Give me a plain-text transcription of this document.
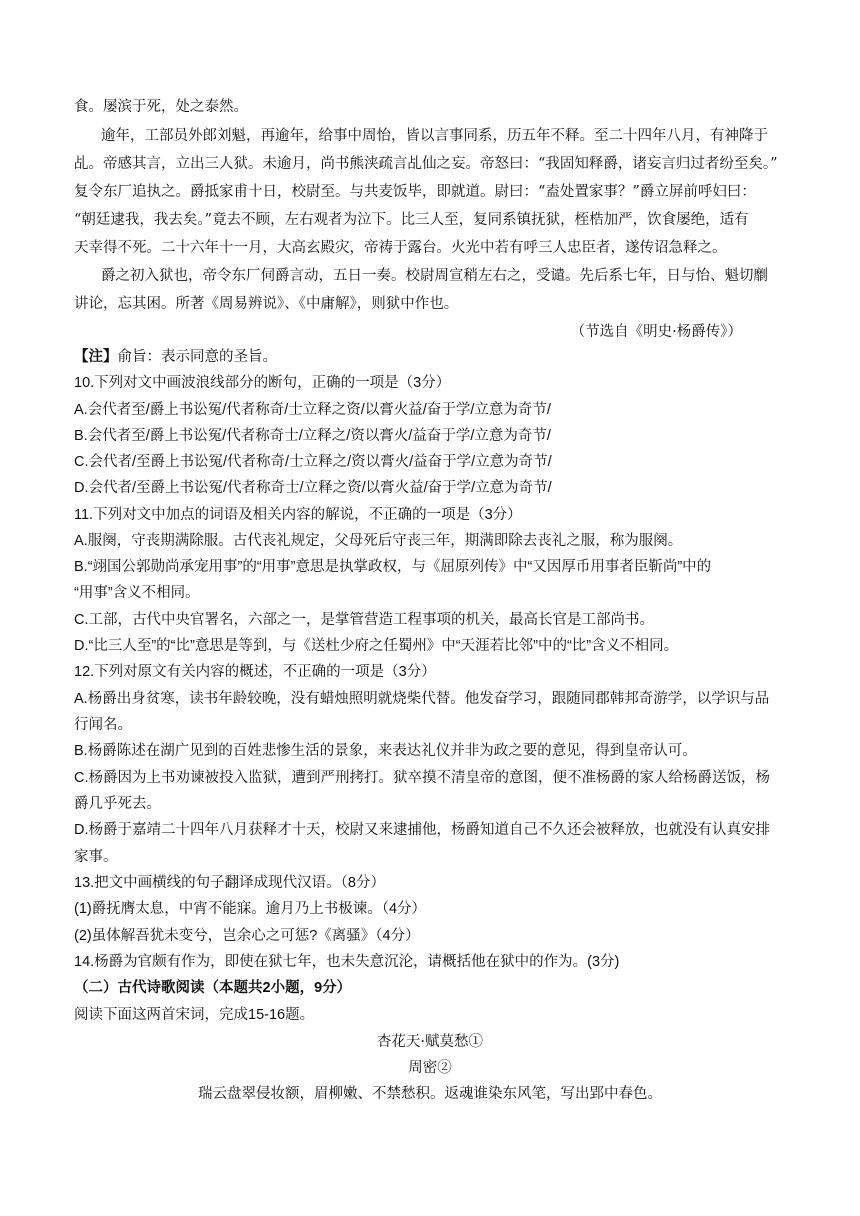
食。屡滨于死，处之泰然。
逾年，工部员外郎刘魁，再逾年，给事中周怡，皆以言事同系，历五年不释。至二十四年八月，有神降于
乩。帝感其言，立出三人狱。未逾月，尚书熊浃疏言乩仙之妄。帝怒曰：“我固知释爵，诸妄言归过者纷至矣。”
复令东厂追执之。爵抵家甫十日，校尉至。与共麦饭毕，即就道。尉曰：“盍处置家事？”爵立屏前呼妇曰：
“朝廷逮我，我去矣。”竟去不顾，左右观者为泣下。比三人至，复同系镇抚狱，桎梏加严，饮食屡绝，适有
天幸得不死。二十六年十一月，大高玄殿灾，帝祷于露台。火光中若有呼三人忠臣者，遂传诏急释之。
爵之初入狱也，帝令东厂伺爵言动，五日一奏。校尉周宣稍左右之，受谴。先后系七年，日与怡、魁切劘
讲论，忘其困。所著《周易辨说》、《中庸解》，则狱中作也。
（节选自《明史·杨爵传》）
【注】俞旨：表示同意的圣旨。
10.下列对文中画波浪线部分的断句，正确的一项是（3分）
A.会代者至/爵上书讼冤/代者称奇/士立释之资/以膏火益/奋于学/立意为奇节/
B.会代者至/爵上书讼冤/代者称奇士/立释之/资以膏火/益奋于学/立意为奇节/
C.会代者/至爵上书讼冤/代者称奇/士立释之/资以膏火/益奋于学/立意为奇节/
D.会代者/至爵上书讼冤/代者称奇士/立释之资/以膏火益/奋于学/立意为奇节/
11.下列对文中加点的词语及相关内容的解说，不正确的一项是（3分）
A.服阕，守丧期满除服。古代丧礼规定，父母死后守丧三年，期满即除去丧礼之服，称为服阕。
B.“翊国公郭勋尚承宠用事”的“用事”意思是执掌政权，与《屈原列传》中“又因厚币用事者臣靳尚”中的
“用事”含义不相同。
C.工部，古代中央官署名，六部之一，是掌管营造工程事项的机关，最高长官是工部尚书。
D.“比三人至”的“比”意思是等到，与《送杜少府之任蜀州》中“天涯若比邻”中的“比”含义不相同。
12.下列对原文有关内容的概述，不正确的一项是（3分）
A.杨爵出身贫寒，读书年龄较晚，没有蜡烛照明就烧柴代替。他发奋学习，跟随同郡韩邦奇游学，以学识与品
行闻名。
B.杨爵陈述在湖广见到的百姓悲惨生活的景象，来表达礼仪并非为政之要的意见，得到皇帝认可。
C.杨爵因为上书劝谏被投入监狱，遭到严刑拷打。狱卒摸不清皇帝的意图，便不准杨爵的家人给杨爵送饭，杨
爵几乎死去。
D.杨爵于嘉靖二十四年八月获释才十天，校尉又来逮捕他，杨爵知道自己不久还会被释放，也就没有认真安排
家事。
13.把文中画横线的句子翻译成现代汉语。（8分）
(1)爵抚膺太息，中宵不能寐。逾月乃上书极谏。（4分）
(2)虽体解吾犹未变兮，岂余心之可惩?《离骚》（4分）
14.杨爵为官颇有作为，即使在狱七年，也未失意沉沦，请概括他在狱中的作为。(3分)
（二）古代诗歌阅读（本题共2小题，9分）
阅读下面这两首宋词，完成15-16题。
杏花天·赋莫愁①
周密②
瑞云盘翠侵妆额，眉柳嫩、不禁愁积。返魂谁染东风笔，写出郢中春色。
